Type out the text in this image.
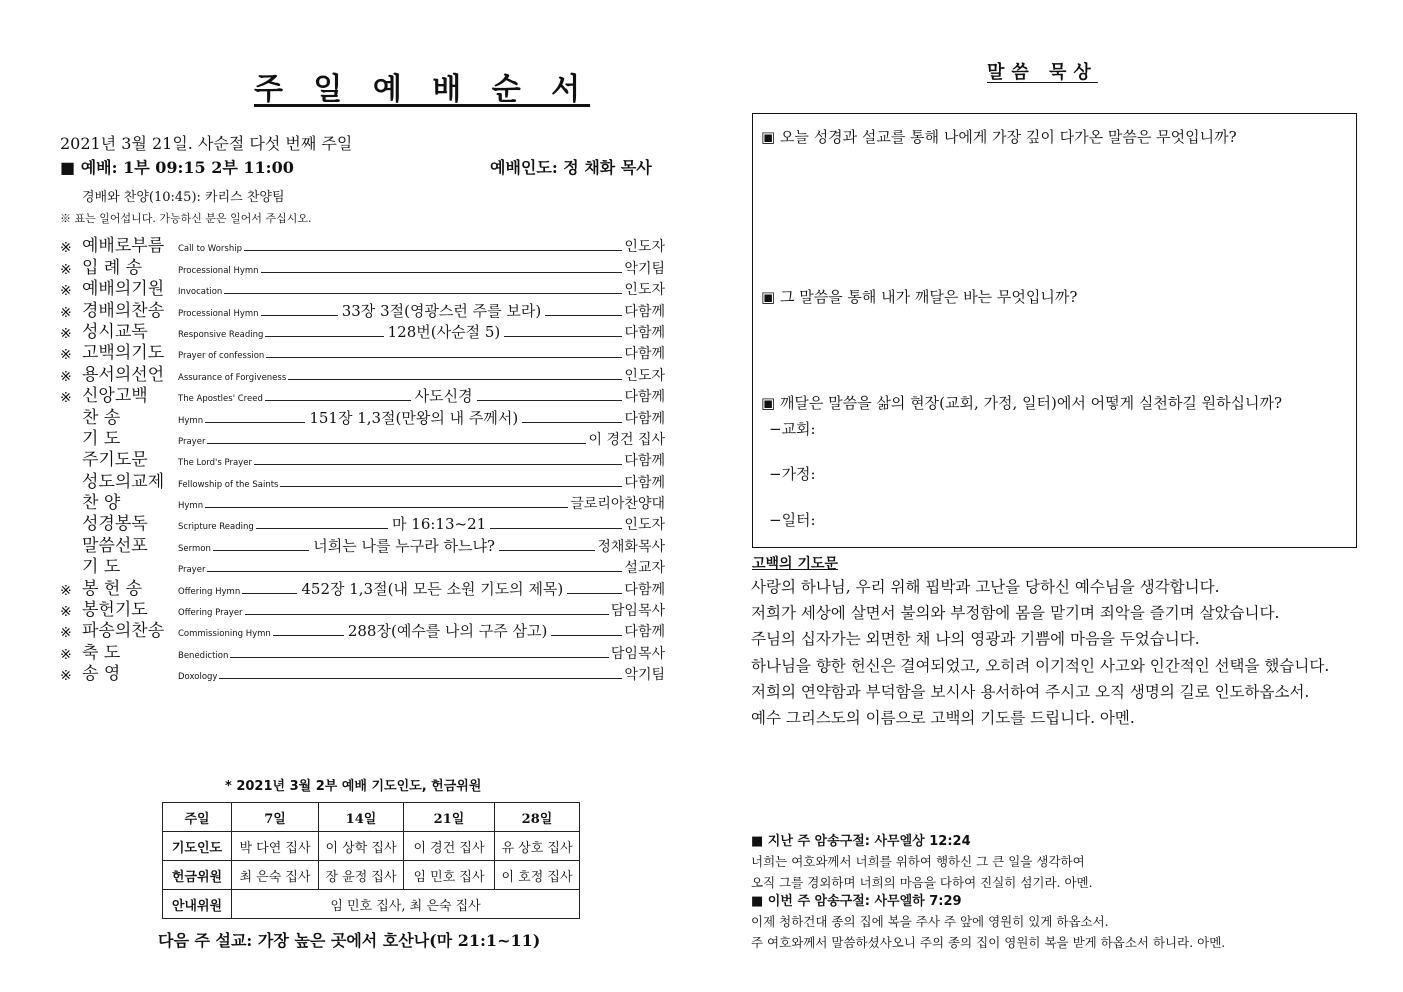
주 일 예 배 순 서
2021년 3월 21일. 사순절 다섯 번째 주일
■ 예배: 1부 09:15 2부 11:00	예배인도: 정 채화 목사
경배와 찬양(10:45): 카리스 찬양팀
※ 표는 일어섭니다. 가능하신 분은 일어서 주십시오.
※ 예배로부름	Call to Worship	인도자
※ 입 례 송	Processional Hymn	악기팀
※ 예배의기원	Invocation	인도자
※ 경배의찬송	Processional Hymn	33장 3절(영광스런 주를 보라)	다함께
※ 성시교독	Responsive Reading	128번(사순절 5)	다함께
※ 고백의기도	Prayer of confession	다함께
※ 용서의선언	Assurance of Forgiveness	인도자
※ 신앙고백	The Apostles' Creed	사도신경	다함께
찬 송	Hymn	151장 1,3절(만왕의 내 주께서)	다함께
기 도	Prayer	이 경건 집사
주기도문	The Lord's Prayer	다함께
성도의교제	Fellowship of the Saints	다함께
찬 양	Hymn	글로리아찬양대
성경봉독	Scripture Reading	마 16:13~21	인도자
말씀선포	Sermon	너희는 나를 누구라 하느냐?	정채화목사
기 도	Prayer	설교자
※ 봉 헌 송	Offering Hymn	452장 1,3절(내 모든 소원 기도의 제목)	다함께
※ 봉헌기도	Offering Prayer	담임목사
※ 파송의찬송	Commissioning Hymn	288장(예수를 나의 구주 삼고)	다함께
※ 축 도	Benediction	담임목사
※ 송 영	Doxology	악기팀
* 2021년 3월 2부 예배 기도인도, 헌금위원
주일	7일	14일	21일	28일
기도인도	박 다연 집사	이 상학 집사	이 경건 집사	유 상호 집사
헌금위원	최 은숙 집사	장 윤정 집사	임 민호 집사	이 호정 집사
안내위원	임 민호 집사, 최 은숙 집사			
다음 주 설교: 가장 높은 곳에서 호산나(마 21:1~11)
말씀 묵상
▣ 오늘 성경과 설교를 통해 나에게 가장 깊이 다가온 말씀은 무엇입니까?
▣ 그 말씀을 통해 내가 깨달은 바는 무엇입니까?
▣ 깨달은 말씀을 삶의 현장(교회, 가정, 일터)에서 어떻게 실천하길 원하십니까?
−교회:
−가정:
−일터:
고백의 기도문
사랑의 하나님, 우리 위해 핍박과 고난을 당하신 예수님을 생각합니다.
저희가 세상에 살면서 불의와 부정함에 몸을 맡기며 죄악을 즐기며 살았습니다.
주님의 십자가는 외면한 채 나의 영광과 기쁨에 마음을 두었습니다.
하나님을 향한 헌신은 결여되었고, 오히려 이기적인 사고와 인간적인 선택을 했습니다.
저희의 연약함과 부덕함을 보시사 용서하여 주시고 오직 생명의 길로 인도하옵소서.
예수 그리스도의 이름으로 고백의 기도를 드립니다. 아멘.
■ 지난 주 암송구절: 사무엘상 12:24
너희는 여호와께서 너희를 위하여 행하신 그 큰 일을 생각하여
오직 그를 경외하며 너희의 마음을 다하여 진실히 섬기라. 아멘.
■ 이번 주 암송구절: 사무엘하 7:29
이제 청하건대 종의 집에 복을 주사 주 앞에 영원히 있게 하옵소서.
주 여호와께서 말씀하셨사오니 주의 종의 집이 영원히 복을 받게 하옵소서 하니라. 아멘.
